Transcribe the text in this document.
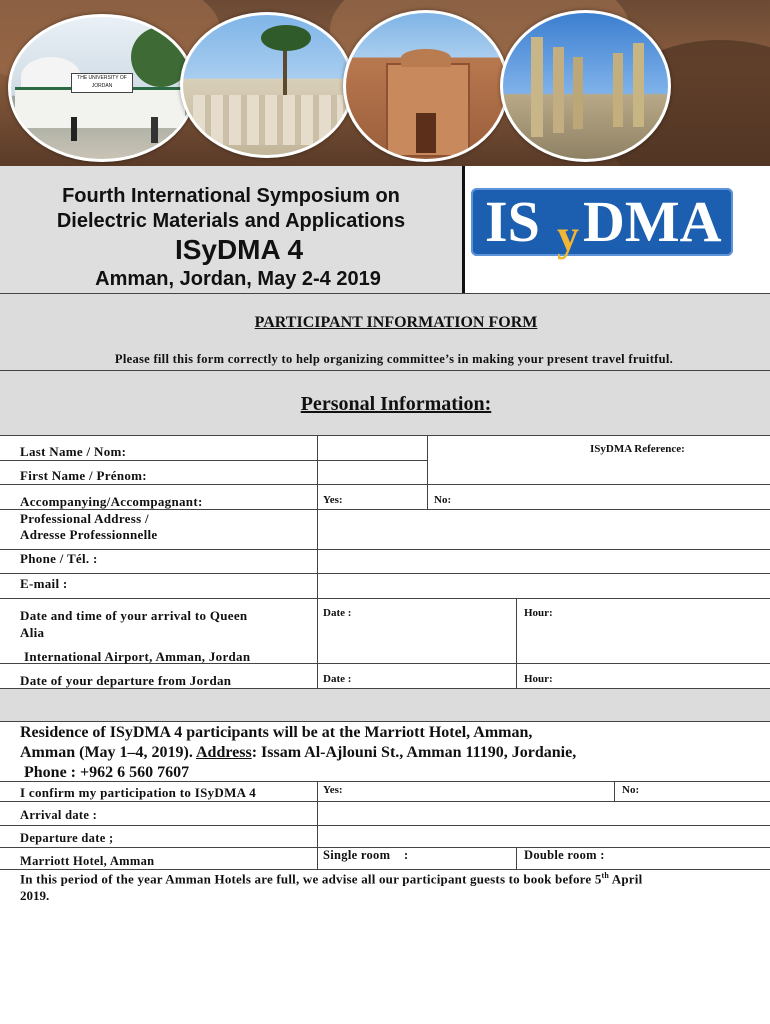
THE UNIVERSITY OF JORDAN
Fourth International Symposium on
Dielectric Materials and Applications
ISyDMA 4
Amman, Jordan, May 2-4 2019
IS y DMA
PARTICIPANT INFORMATION FORM
Please fill this form correctly to help organizing committee’s in making your present travel fruitful.
Personal Information:
Last Name / Nom:	ISyDMA Reference:
First Name / Prénom:
Accompanying/Accompagnant:	Yes:	No:
Professional Address /
Adresse Professionnelle
Phone / Tél. :
E-mail :
Date and time of your arrival to Queen
Alia
International Airport, Amman, Jordan
Date :	Hour:
Date of your departure from Jordan	Date :	Hour:
Residence of ISyDMA 4 participants will be at the Marriott Hotel, Amman,
Amman (May 1–4, 2019). Address: Issam Al-Ajlouni St., Amman 11190, Jordanie,
Phone : +962 6 560 7607
I confirm my participation to ISyDMA 4	Yes:	No:
Arrival date :
Departure date ;
Marriott Hotel, Amman	Single room    :	Double room :
In this period of the year Amman Hotels are full, we advise all our participant guests to book before 5th April
2019.
